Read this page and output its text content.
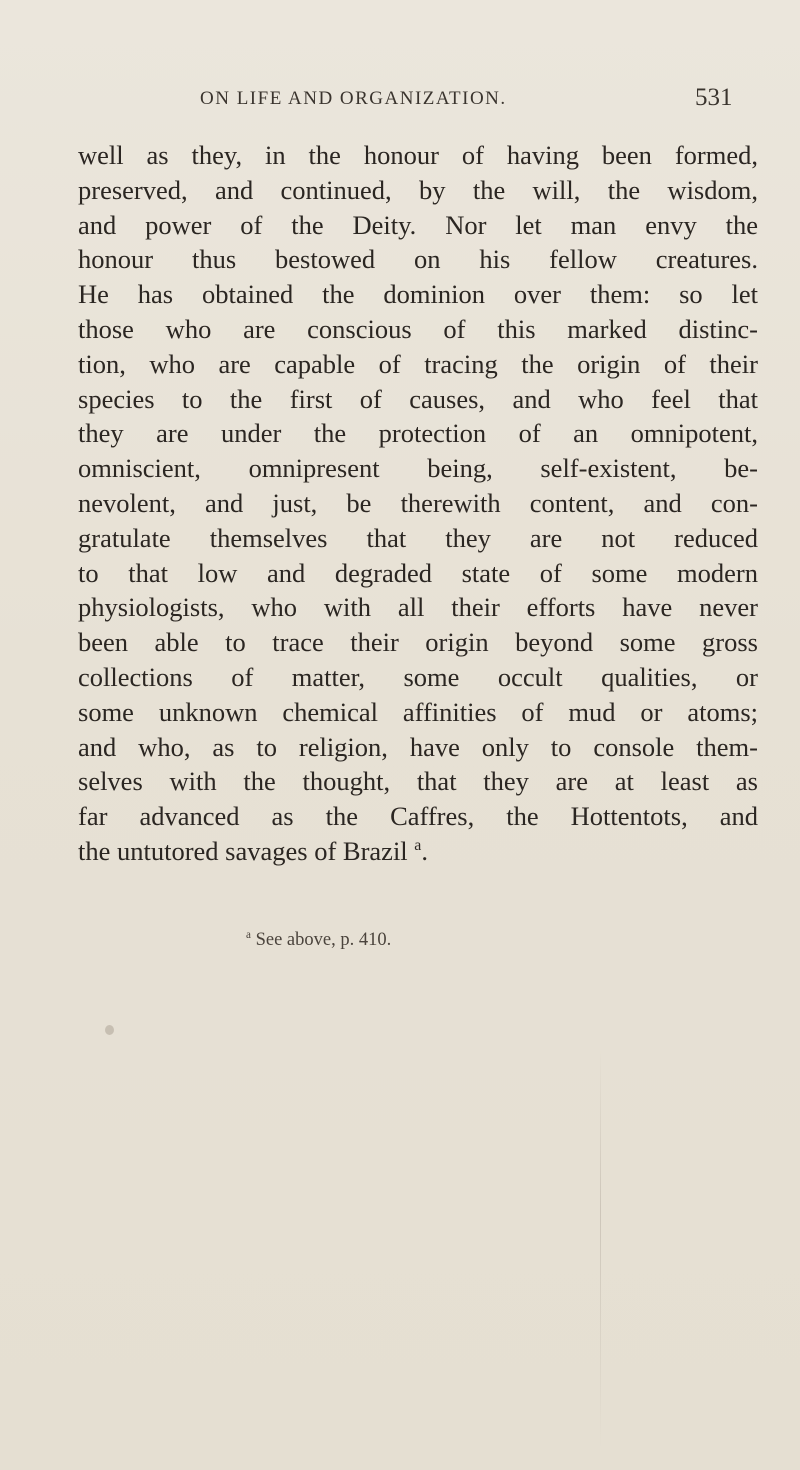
ON LIFE AND ORGANIZATION.	531
well as they, in the honour of having been formed,
preserved, and continued, by the will, the wisdom,
and power of the Deity. Nor let man envy the
honour thus bestowed on his fellow creatures.
He has obtained the dominion over them: so let
those who are conscious of this marked distinc-
tion, who are capable of tracing the origin of their
species to the first of causes, and who feel that
they are under the protection of an omnipotent,
omniscient, omnipresent being, self-existent, be-
nevolent, and just, be therewith content, and con-
gratulate themselves that they are not reduced
to that low and degraded state of some modern
physiologists, who with all their efforts have never
been able to trace their origin beyond some gross
collections of matter, some occult qualities, or
some unknown chemical affinities of mud or atoms;
and who, as to religion, have only to console them-
selves with the thought, that they are at least as
far advanced as the Caffres, the Hottentots, and
the untutored savages of Brazil $^a$.
$^a$ See above, p. 410.
